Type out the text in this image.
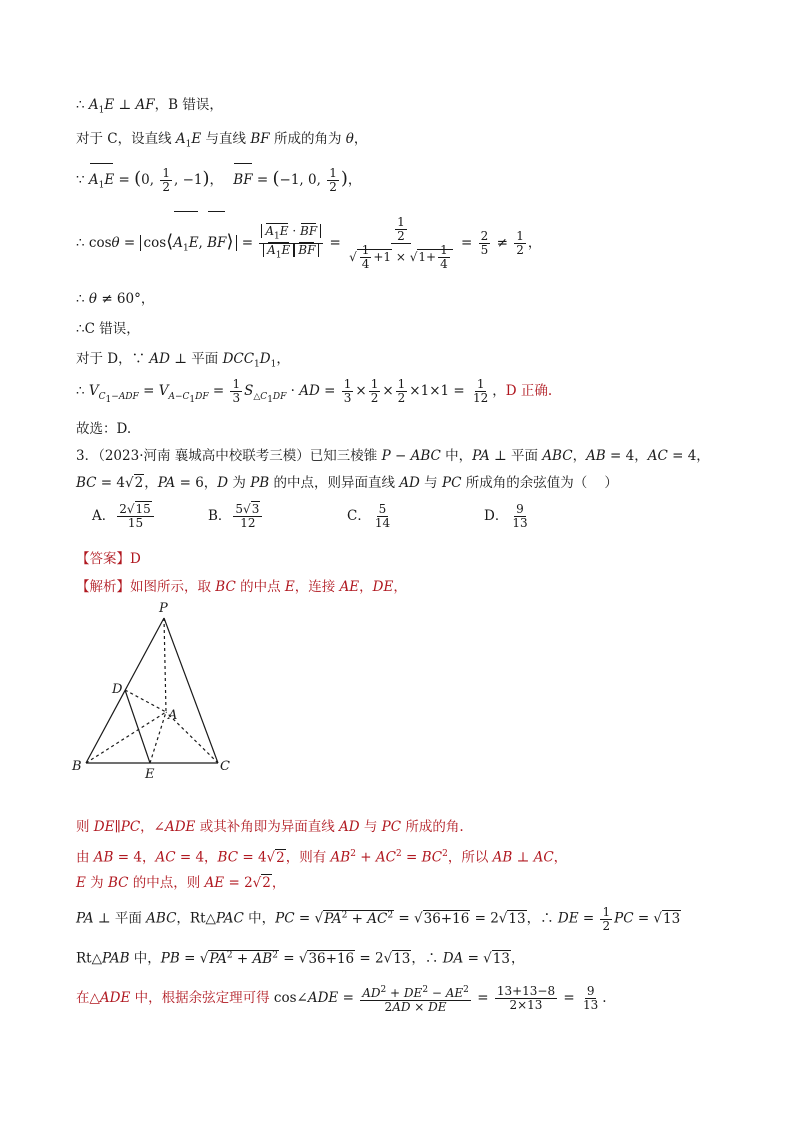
∴ $A_1E$ ⊥ AF，B 错误，
对于 C，设直线 $A_1E$ 与直线 BF 所成的角为 θ，
∵ $A_1E = (0$, $\frac{1}{2}$ , −1)， BF = (−1, 0, $\frac{1}{2}$ )，
∴ $\cos\theta = \cos⟨A_1E$, BF⟩ = $\frac{A_1E \cdot BF}{A_1E BF} = \frac{\frac{1}{2}}{√ \frac{1}{4} +1 \times √1+ \frac{1}{4}} = \frac{2}{5} \ne \frac{1}{2}$ ，
∴ θ ≠ 60°，
∴C 错误，
对于 D，∵ AD ⊥ 平面 $DCC_1D_1$，
∴ $V_{C_1-ADF} = V_{A-C_1DF} = \frac{1}{3} S_{\triangle C_1DF}$ · AD = $\frac{1}{3} \times \frac{1}{2} \times \frac{1}{2} \times 1\times 1 = \frac{1}{12}$ ，D 正确.
故选：D.
3．（2023·河南 襄城高中校联考三模）已知三棱锥 P − ABC 中，PA ⊥ 平面 ABC，AB = 4，AC = 4，
BC = 4√2，PA = 6，D 为 PB 的中点，则异面直线 AD 与 PC 所成角的余弦值为（    ）
A． $\frac{2√15}{15}$	B． $\frac{5√3}{12}$	C． $\frac{5}{14}$	D． $\frac{9}{13}$
【答案】D
【解析】如图所示，取 BC 的中点 E，连接 AE，DE，
P
D
A
B
E
C
则 DE∥PC，∠ADE 或其补角即为异面直线 AD 与 PC 所成的角.
由 AB = 4，AC = 4，BC = 4√2，则有 $AB^2 + AC^2 = BC^2$，所以 AB ⊥ AC，
E 为 BC 的中点，则 AE = 2√2，
PA ⊥ 平面 ABC，Rt△PAC 中，PC = $√PA^2 + AC^2 = √36+16 = 2√13$，∴ DE = $\frac{1}{2}$ PC = √13
Rt△PAB 中，PB = $√PA^2 + AB^2 = √36+16 = 2√13$，∴ DA = √13，
在△ADE 中，根据余弦定理可得 cos∠ADE = $\frac{AD^2 + DE^2 - AE^2}{2AD \times DE} = \frac{13+13-8}{2\times 13} = \frac{9}{13}$ .
